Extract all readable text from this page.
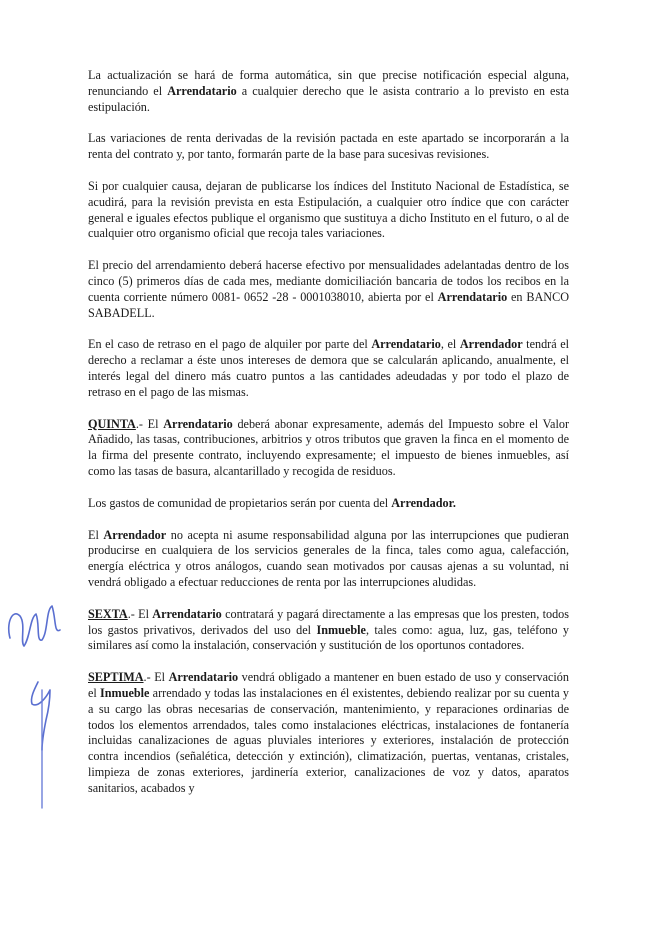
La actualización se hará de forma automática, sin que precise notificación especial alguna, renunciando el Arrendatario a cualquier derecho que le asista contrario a lo previsto en esta estipulación.

Las variaciones de renta derivadas de la revisión pactada en este apartado se incorporarán a la renta del contrato y, por tanto, formarán parte de la base para sucesivas revisiones.

Si por cualquier causa, dejaran de publicarse los índices del Instituto Nacional de Estadística, se acudirá, para la revisión prevista en esta Estipulación, a cualquier otro índice que con carácter general e iguales efectos publique el organismo que sustituya a dicho Instituto en el futuro, o al de cualquier otro organismo oficial que recoja tales variaciones.

El precio del arrendamiento deberá hacerse efectivo por mensualidades adelantadas dentro de los cinco (5) primeros días de cada mes, mediante domiciliación bancaria de todos los recibos en la cuenta corriente número 0081- 0652 -28 - 0001038010, abierta por el Arrendatario en BANCO SABADELL.

En el caso de retraso en el pago de alquiler por parte del Arrendatario, el Arrendador tendrá el derecho a reclamar a éste unos intereses de demora que se calcularán aplicando, anualmente, el interés legal del dinero más cuatro puntos a las cantidades adeudadas y por todo el plazo de retraso en el pago de las mismas.

QUINTA.- El Arrendatario deberá abonar expresamente, además del Impuesto sobre el Valor Añadido, las tasas, contribuciones, arbitrios y otros tributos que graven la finca en el momento de la firma del presente contrato, incluyendo expresamente; el impuesto de bienes inmuebles, así como las tasas de basura, alcantarillado y recogida de residuos.

Los gastos de comunidad de propietarios serán por cuenta del Arrendador.

El Arrendador no acepta ni asume responsabilidad alguna por las interrupciones que pudieran producirse en cualquiera de los servicios generales de la finca, tales como agua, calefacción, energía eléctrica y otros análogos, cuando sean motivados por causas ajenas a su voluntad, ni vendrá obligado a efectuar reducciones de renta por las interrupciones aludidas.

SEXTA.- El Arrendatario contratará y pagará directamente a las empresas que los presten, todos los gastos privativos, derivados del uso del Inmueble, tales como: agua, luz, gas, teléfono y similares así como la instalación, conservación y sustitución de los oportunos contadores.

SEPTIMA.- El Arrendatario vendrá obligado a mantener en buen estado de uso y conservación el Inmueble arrendado y todas las instalaciones en él existentes, debiendo realizar por su cuenta y a su cargo las obras necesarias de conservación, mantenimiento, y reparaciones ordinarias de todos los elementos arrendados, tales como instalaciones eléctricas, instalaciones de fontanería incluidas canalizaciones de aguas pluviales interiores y exteriores, instalación de protección contra incendios (señalética, detección y extinción), climatización, puertas, ventanas, cristales, limpieza de zonas exteriores, jardinería exterior, canalizaciones de voz y datos, aparatos sanitarios, acabados y
